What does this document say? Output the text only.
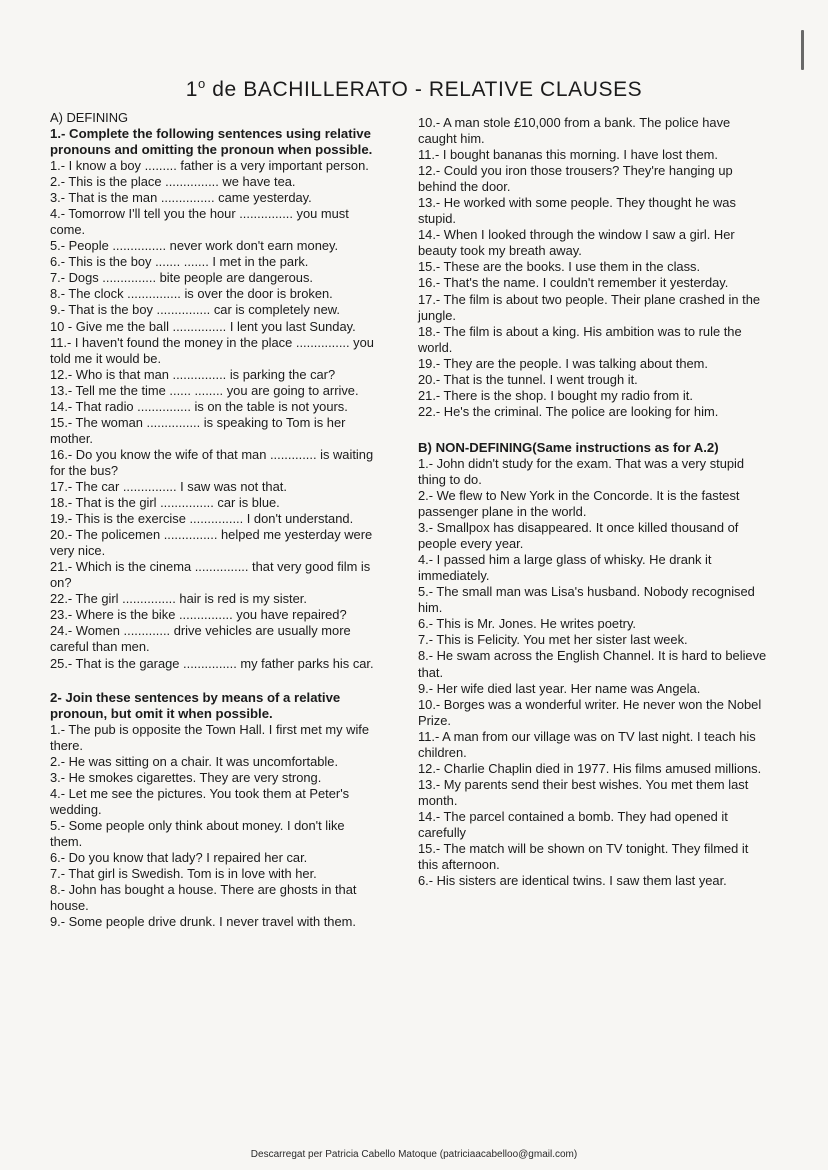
1$^o$ de BACHILLERATO - RELATIVE CLAUSES

A) DEFINING

1.- Complete the following sentences using relative pronouns and omitting the pronoun when possible.

1.- I know a boy ......... father is a very important person.

2.- This is the place ............... we have tea.

3.- That is the man ............... came yesterday.

4.- Tomorrow I'll tell you the hour ............... you must come.

5.- People ............... never work don't earn money.

6.- This is the boy ....... ....... I met in the park.

7.- Dogs ............... bite people are dangerous.

8.- The clock ............... is over the door is broken.

9.- That is the boy ............... car is completely new.

10 - Give me the ball ............... I lent you last Sunday.

11.- I haven't found the money in the place ............... you told me it would be.

12.- Who is that man ............... is parking the car?

13.- Tell me the time ...... ........ you are going to arrive.

14.- That radio ............... is on the table is not yours.

15.- The woman ............... is speaking to Tom is her mother.

16.- Do you know the wife of that man ............. is waiting for the bus?

17.- The car ............... I saw was not that.

18.- That is the girl ............... car is blue.

19.- This is the exercise ............... I don't understand.

20.- The policemen ............... helped me yesterday were very nice.

21.- Which is the cinema ............... that very good film is on?

22.- The girl ............... hair is red is my sister.

23.- Where is the bike ............... you have repaired?

24.- Women ............. drive vehicles are usually more careful than men.

25.- That is the garage ............... my father parks his car.

2- Join these sentences by means of a relative pronoun, but omit it when possible.

1.- The pub is opposite the Town Hall. I first met my wife there.

2.- He was sitting on a chair. It was uncomfortable.

3.- He smokes cigarettes. They are very strong.

4.- Let me see the pictures. You took them at Peter's wedding.

5.- Some people only think about money. I don't like them.

6.- Do you know that lady? I repaired her car.

7.- That girl is Swedish. Tom is in love with her.

8.- John has bought a house. There are ghosts in that house.

9.- Some people drive drunk. I never travel with them.

10.- A man stole £10,000 from a bank. The police have caught him.

11.- I bought bananas this morning. I have lost them.

12.- Could you iron those trousers? They're hanging up behind the door.

13.- He worked with some people. They thought he was stupid.

14.- When I looked through the window I saw a girl. Her beauty took my breath away.

15.- These are the books. I use them in the class.

16.- That's the name. I couldn't remember it yesterday.

17.- The film is about two people. Their plane crashed in the jungle.

18.- The film is about a king. His ambition was to rule the world.

19.- They are the people. I was talking about them.

20.- That is the tunnel. I went trough it.

21.- There is the shop. I bought my radio from it.

22.- He's the criminal. The police are looking for him.

B) NON-DEFINING(Same instructions as for A.2)

1.- John didn't study for the exam. That was a very stupid thing to do.

2.- We flew to New York in the Concorde. It is the fastest passenger plane in the world.

3.- Smallpox has disappeared. It once killed thousand of people every year.

4.- I passed him a large glass of whisky. He drank it immediately.

5.- The small man was Lisa's husband. Nobody recognised him.

6.- This is Mr. Jones. He writes poetry.

7.- This is Felicity. You met her sister last week.

8.- He swam across the English Channel. It is hard to believe that.

9.- Her wife died last year. Her name was Angela.

10.- Borges was a wonderful writer. He never won the Nobel Prize.

11.- A man from our village was on TV last night. I teach his children.

12.- Charlie Chaplin died in 1977. His films amused millions.

13.- My parents send their best wishes. You met them last month.

14.- The parcel contained a bomb. They had opened it carefully

15.- The match will be shown on TV tonight. They filmed it this afternoon.

6.- His sisters are identical twins. I saw them last year.

Descarregat per Patricia Cabello Matoque (patriciaacabelloo@gmail.com)
